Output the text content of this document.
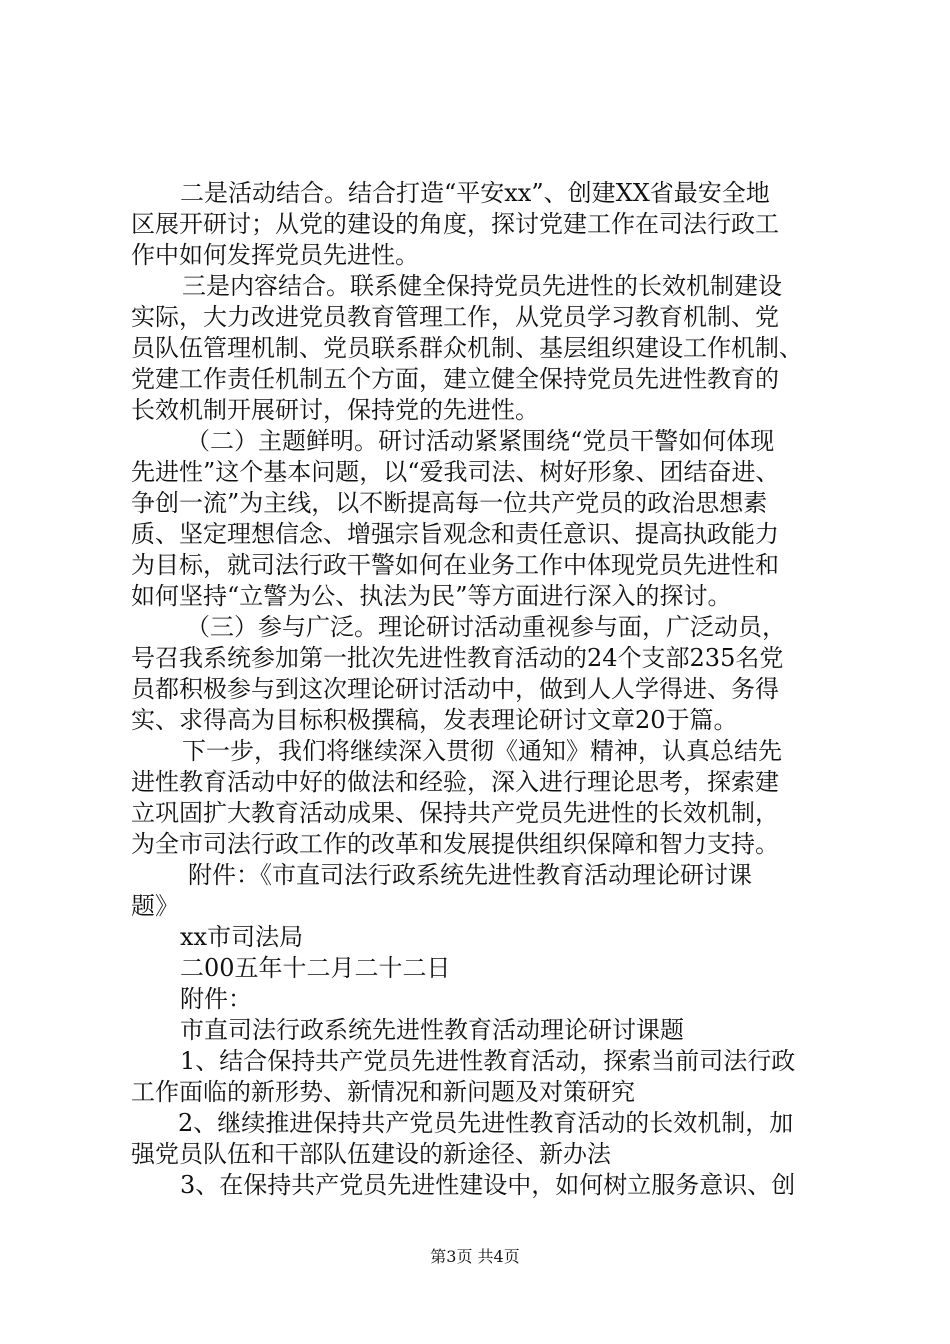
二是活动结合。结合打造“平安xx”、创建XX省最安全地
区展开研讨；从党的建设的角度，探讨党建工作在司法行政工
作中如何发挥党员先进性。
三是内容结合。联系健全保持党员先进性的长效机制建设
实际，大力改进党员教育管理工作，从党员学习教育机制、党
员队伍管理机制、党员联系群众机制、基层组织建设工作机制、
党建工作责任机制五个方面，建立健全保持党员先进性教育的
长效机制开展研讨，保持党的先进性。
（二）主题鲜明。研讨活动紧紧围绕“党员干警如何体现
先进性”这个基本问题，以“爱我司法、树好形象、团结奋进、
争创一流”为主线，以不断提高每一位共产党员的政治思想素
质、坚定理想信念、增强宗旨观念和责任意识、提高执政能力
为目标，就司法行政干警如何在业务工作中体现党员先进性和
如何坚持“立警为公、执法为民”等方面进行深入的探讨。
（三）参与广泛。理论研讨活动重视参与面，广泛动员，
号召我系统参加第一批次先进性教育活动的24个支部235名党
员都积极参与到这次理论研讨活动中，做到人人学得进、务得
实、求得高为目标积极撰稿，发表理论研讨文章20于篇。
下一步，我们将继续深入贯彻《通知》精神，认真总结先
进性教育活动中好的做法和经验，深入进行理论思考，探索建
立巩固扩大教育活动成果、保持共产党员先进性的长效机制，
为全市司法行政工作的改革和发展提供组织保障和智力支持。
附件：《市直司法行政系统先进性教育活动理论研讨课
题》
xx市司法局
二00五年十二月二十二日
附件：
市直司法行政系统先进性教育活动理论研讨课题
1、结合保持共产党员先进性教育活动，探索当前司法行政
工作面临的新形势、新情况和新问题及对策研究
2、继续推进保持共产党员先进性教育活动的长效机制，加
强党员队伍和干部队伍建设的新途径、新办法
3、在保持共产党员先进性建设中，如何树立服务意识、创
第3页 共4页
